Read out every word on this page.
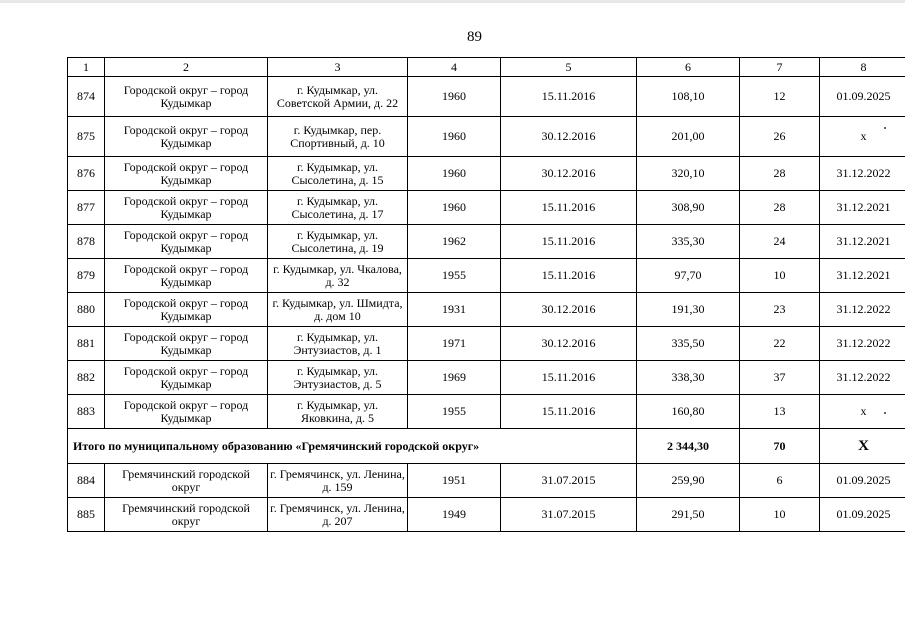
89
1	2	3	4	5	6	7	8
874	Городской округ – город Кудымкар	г. Кудымкар, ул. Советской Армии, д. 22	1960	15.11.2016	108,10	12	01.09.2025
875	Городской округ – город Кудымкар	г. Кудымкар, пер. Спортивный, д. 10	1960	30.12.2016	201,00	26	x
876	Городской округ – город Кудымкар	г. Кудымкар, ул. Сысолетина, д. 15	1960	30.12.2016	320,10	28	31.12.2022
877	Городской округ – город Кудымкар	г. Кудымкар, ул. Сысолетина, д. 17	1960	15.11.2016	308,90	28	31.12.2021
878	Городской округ – город Кудымкар	г. Кудымкар, ул. Сысолетина, д. 19	1962	15.11.2016	335,30	24	31.12.2021
879	Городской округ – город Кудымкар	г. Кудымкар, ул. Чкалова, д. 32	1955	15.11.2016	97,70	10	31.12.2021
880	Городской округ – город Кудымкар	г. Кудымкар, ул. Шмидта, д. дом 10	1931	30.12.2016	191,30	23	31.12.2022
881	Городской округ – город Кудымкар	г. Кудымкар, ул. Энтузиастов, д. 1	1971	30.12.2016	335,50	22	31.12.2022
882	Городской округ – город Кудымкар	г. Кудымкар, ул. Энтузиастов, д. 5	1969	15.11.2016	338,30	37	31.12.2022
883	Городской округ – город Кудымкар	г. Кудымкар, ул. Яковкина, д. 5	1955	15.11.2016	160,80	13	x
Итого по муниципальному образованию «Гремячинский городской округ»					2 344,30	70	X
884	Гремячинский городской округ	г. Гремячинск, ул. Ленина, д. 159	1951	31.07.2015	259,90	6	01.09.2025
885	Гремячинский городской округ	г. Гремячинск, ул. Ленина, д. 207	1949	31.07.2015	291,50	10	01.09.2025
